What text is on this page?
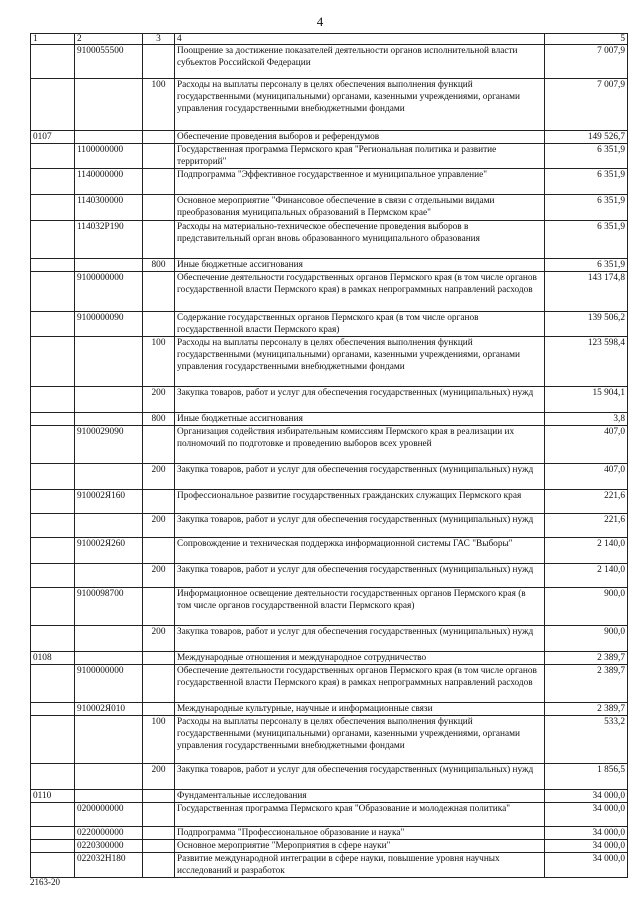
4
1	2	3	4	5
	9100055500		Поощрение за достижение показателей деятельности органов исполнительной власти субъектов Российской Федерации	7 007,9
		100	Расходы на выплаты персоналу в целях обеспечения выполнения функций государственными (муниципальными) органами, казенными учреждениями, органами управления государственными внебюджетными фондами	7 007,9
0107			Обеспечение проведения выборов и референдумов	149 526,7
	1100000000		Государственная программа Пермского края "Региональная политика и развитие территорий"	6 351,9
	1140000000		Подпрограмма "Эффективное государственное и муниципальное управление"	6 351,9
	1140300000		Основное мероприятие "Финансовое обеспечение в связи с отдельными видами преобразования муниципальных образований в Пермском крае"	6 351,9
	114032P190		Расходы на материально-техническое обеспечение проведения выборов в представительный орган вновь образованного муниципального образования	6 351,9
		800	Иные бюджетные ассигнования	6 351,9
	9100000000		Обеспечение деятельности государственных органов Пермского края (в том числе органов государственной власти Пермского края) в рамках непрограммных направлений расходов	143 174,8
	9100000090		Содержание государственных органов Пермского края (в том числе органов государственной власти Пермского края)	139 506,2
		100	Расходы на выплаты персоналу в целях обеспечения выполнения функций государственными (муниципальными) органами, казенными учреждениями, органами управления государственными внебюджетными фондами	123 598,4
		200	Закупка товаров, работ и услуг для обеспечения государственных (муниципальных) нужд	15 904,1
		800	Иные бюджетные ассигнования	3,8
	9100029090		Организация содействия избирательным комиссиям Пермского края в реализации их полномочий по подготовке и проведению выборов всех уровней	407,0
		200	Закупка товаров, работ и услуг для обеспечения государственных (муниципальных) нужд	407,0
	910002Я160		Профессиональное развитие государственных гражданских служащих Пермского края	221,6
		200	Закупка товаров, работ и услуг для обеспечения государственных (муниципальных) нужд	221,6
	910002Я260		Сопровождение и техническая поддержка информационной системы ГАС "Выборы"	2 140,0
		200	Закупка товаров, работ и услуг для обеспечения государственных (муниципальных) нужд	2 140,0
	9100098700		Информационное освещение деятельности государственных органов Пермского края (в том числе органов государственной власти Пермского края)	900,0
		200	Закупка товаров, работ и услуг для обеспечения государственных (муниципальных) нужд	900,0
0108			Международные отношения и международное сотрудничество	2 389,7
	9100000000		Обеспечение деятельности государственных органов Пермского края (в том числе органов государственной власти Пермского края) в рамках непрограммных направлений расходов	2 389,7
	910002Я010		Международные культурные, научные и информационные связи	2 389,7
		100	Расходы на выплаты персоналу в целях обеспечения выполнения функций государственными (муниципальными) органами, казенными учреждениями, органами управления государственными внебюджетными фондами	533,2
		200	Закупка товаров, работ и услуг для обеспечения государственных (муниципальных) нужд	1 856,5
0110			Фундаментальные исследования	34 000,0
	0200000000		Государственная программа Пермского края "Образование и молодежная политика"	34 000,0
	0220000000		Подпрограмма "Профессиональное образование и наука"	34 000,0
	0220300000		Основное мероприятие "Мероприятия в сфере науки"	34 000,0
	022032H180		Развитие международной интеграции в сфере науки, повышение уровня научных исследований и разработок	34 000,0
2163-20
